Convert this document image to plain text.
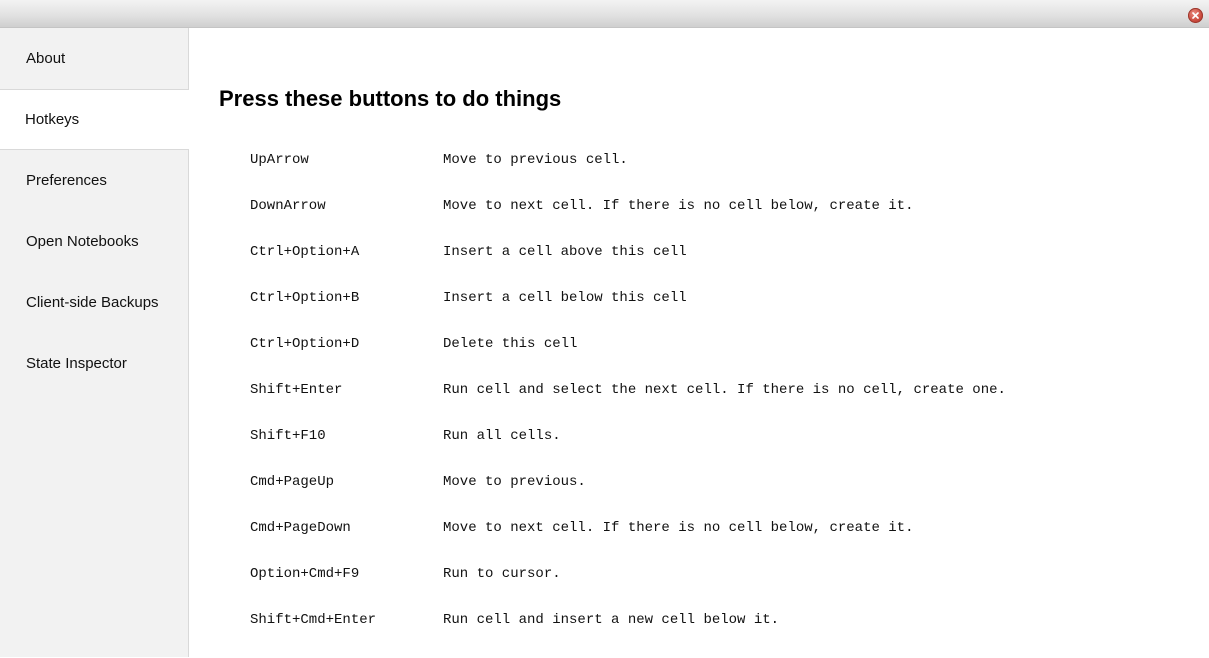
About
Hotkeys
Preferences
Open Notebooks
Client-side Backups
State Inspector
Press these buttons to do things
UpArrow	Move to previous cell.
DownArrow	Move to next cell. If there is no cell below, create it.
Ctrl+Option+A	Insert a cell above this cell
Ctrl+Option+B	Insert a cell below this cell
Ctrl+Option+D	Delete this cell
Shift+Enter	Run cell and select the next cell. If there is no cell, create one.
Shift+F10	Run all cells.
Cmd+PageUp	Move to previous.
Cmd+PageDown	Move to next cell. If there is no cell below, create it.
Option+Cmd+F9	Run to cursor.
Shift+Cmd+Enter	Run cell and insert a new cell below it.
